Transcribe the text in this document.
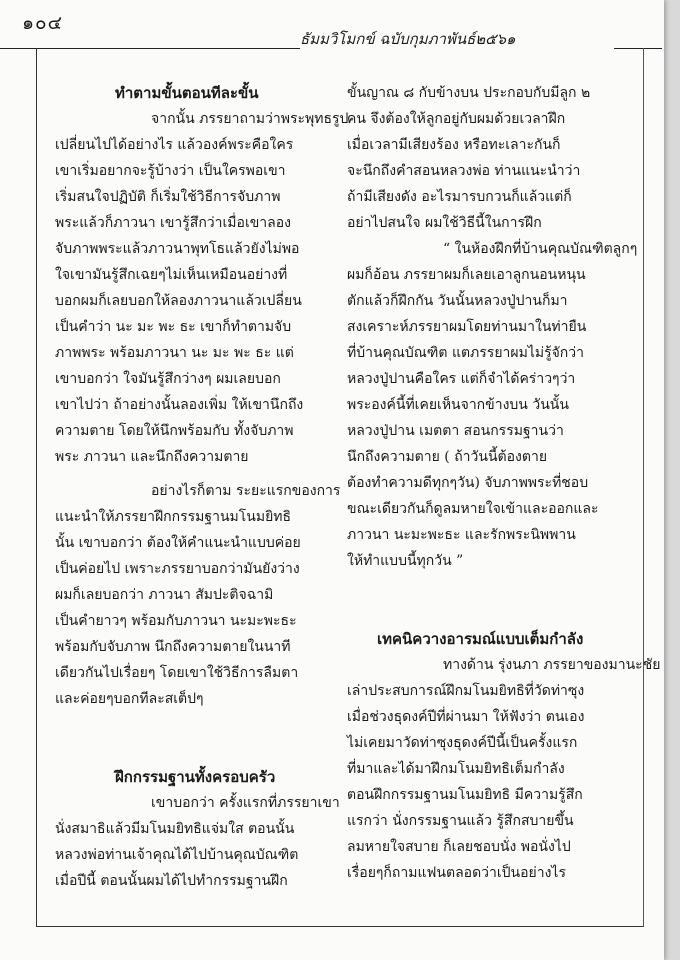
๑๐๔
ธัมมวิโมกข์ ฉบับกุมภาพันธ์๒๕๖๑
ทำตามขั้นตอนทีละขั้น

จากนั้น ภรรยาถามว่าพระพุทธรูป
เปลี่ยนไปได้อย่างไร แล้วองค์พระคือใคร
เขาเริ่มอยากจะรู้บ้างว่า เป็นใครพอเขา
เริ่มสนใจปฏิบัติ ก็เริ่มใช้วิธีการจับภาพ
พระแล้วก็ภาวนา เขารู้สึกว่าเมื่อเขาลอง
จับภาพพระแล้วภาวนาพุทโธแล้วยังไม่พอ
ใจเขามันรู้สึกเฉยๆไม่เห็นเหมือนอย่างที่
บอกผมก็เลยบอกให้ลองภาวนาแล้วเปลี่ยน
เป็นคำว่า นะ มะ พะ ธะ เขาก็ทำตามจับ
ภาพพระ พร้อมภาวนา นะ มะ พะ ธะ แต่
เขาบอกว่า ใจมันรู้สึกว่างๆ ผมเลยบอก
เขาไปว่า ถ้าอย่างนั้นลองเพิ่ม ให้เขานึกถึง
ความตาย โดยให้นึกพร้อมกับ ทั้งจับภาพ
พระ ภาวนา และนึกถึงความตาย

อย่างไรก็ตาม ระยะแรกของการ
แนะนำให้ภรรยาฝึกกรรมฐานมโนมยิทธิ
นั้น เขาบอกว่า ต้องให้คำแนะนำแบบค่อย
เป็นค่อยไป เพราะภรรยาบอกว่ามันยังว่าง
ผมก็เลยบอกว่า ภาวนา สัมปะติจฉามิ
เป็นคำยาวๆ พร้อมกับภาวนา นะมะพะธะ
พร้อมกับจับภาพ นึกถึงความตายในนาที
เดียวกันไปเรื่อยๆ โดยเขาใช้วิธีการลืมตา
และค่อยๆบอกทีละสเต็ปๆ

ฝึกกรรมฐานทั้งครอบครัว

เขาบอกว่า ครั้งแรกที่ภรรยาเขา
นั่งสมาธิแล้วมีมโนมยิทธิแจ่มใส ตอนนั้น
หลวงพ่อท่านเจ้าคุณได้ไปบ้านคุณบัณฑิต
เมื่อปีนี้ ตอนนั้นผมได้ไปทำกรรมฐานฝึก

ขั้นญาณ ๘ กับข้างบน ประกอบกับมีลูก ๒
คน จึงต้องให้ลูกอยู่กับผมด้วยเวลาฝึก
เมื่อเวลามีเสียงร้อง หรือทะเลาะกันก็
จะนึกถึงคำสอนหลวงพ่อ ท่านแนะนำว่า
ถ้ามีเสียงดัง อะไรมารบกวนก็แล้วแต่ก็
อย่าไปสนใจ ผมใช้วิธีนี้ในการฝึก

“ ในห้องฝึกที่บ้านคุณบัณฑิตลูกๆ
ผมก็อ้อน ภรรยาผมก็เลยเอาลูกนอนหนุน
ตักแล้วก็ฝึกกัน วันนั้นหลวงปู่ปานก็มา
สงเคราะห์ภรรยาผมโดยท่านมาในท่ายืน
ที่บ้านคุณบัณฑิต แตภรรยาผมไม่รู้จักว่า
หลวงปู่ปานคือใคร แต่ก็จำได้คร่าวๆว่า
พระองค์นี้ที่เคยเห็นจากข้างบน วันนั้น
หลวงปู่ปาน เมตตา สอนกรรมฐานว่า
นึกถึงความตาย ( ถ้าวันนี้ต้องตาย
ต้องทำความดีทุกๆวัน) จับภาพพระที่ชอบ
ขณะเดียวกันก็ดูลมหายใจเข้าและออกและ
ภาวนา นะมะพะธะ และรักพระนิพพาน
ให้ทำแบบนี้ทุกวัน ”

เทคนิควางอารมณ์แบบเต็มกำลัง

ทางด้าน รุ่งนภา ภรรยาของมานะชัย
เล่าประสบการณ์ฝึกมโนมยิทธิที่วัดท่าซุง
เมื่อช่วงธุดงค์ปีที่ผ่านมา ให้ฟังว่า ตนเอง
ไม่เคยมาวัดท่าซุงธุดงค์ปีนี้เป็นครั้งแรก
ที่มาและได้มาฝึกมโนมยิทธิเต็มกำลัง
ตอนฝึกกรรมฐานมโนมยิทธิ มีความรู้สึก
แรกว่า นั่งกรรมฐานแล้ว รู้สึกสบายขึ้น
ลมหายใจสบาย ก็เลยชอบนั่ง พอนั่งไป
เรื่อยๆก็ถามแฟนตลอดว่าเป็นอย่างไร
